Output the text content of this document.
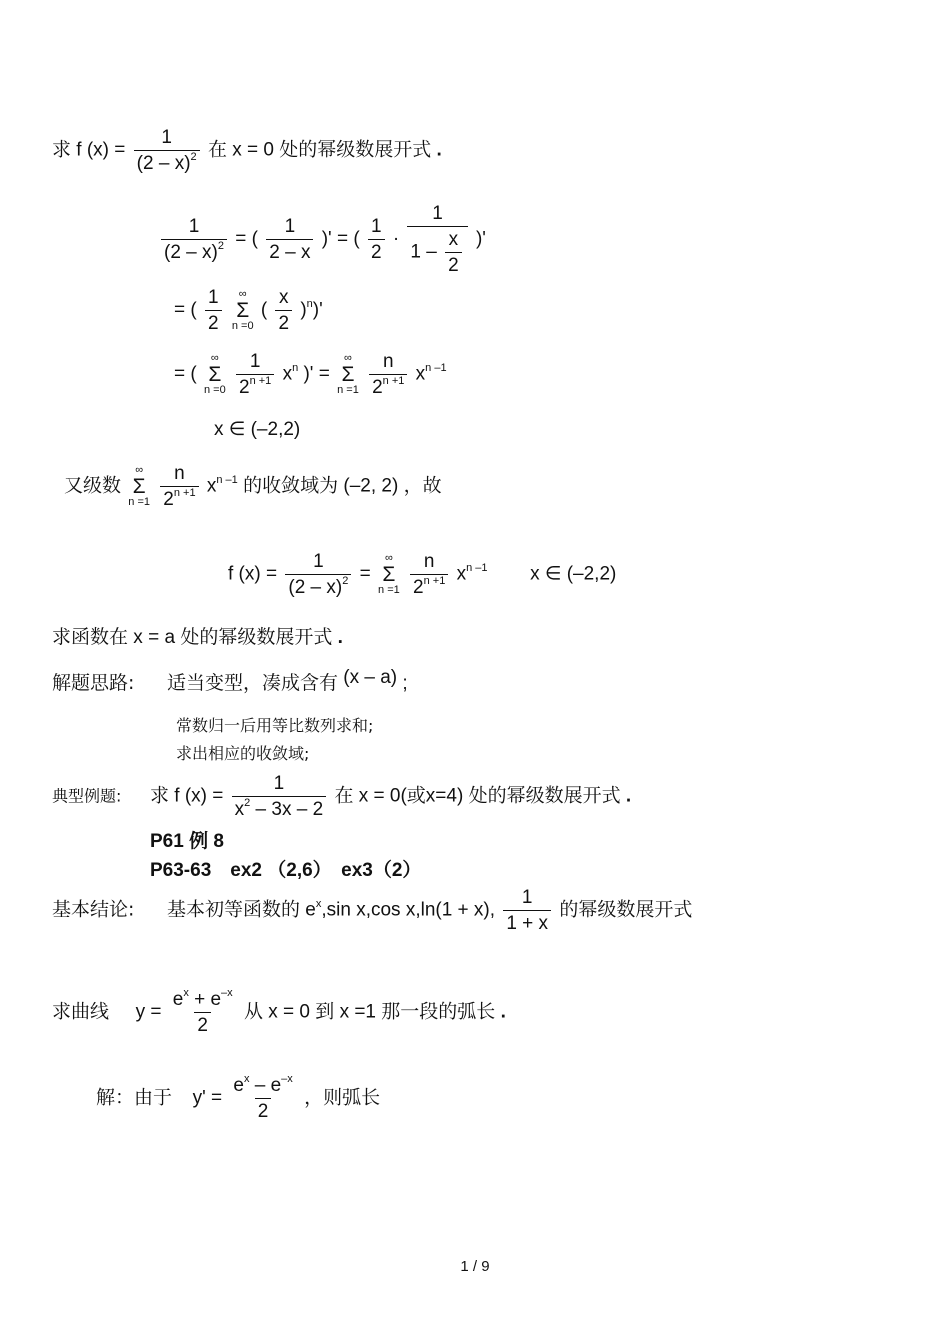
求 f $(x) = \frac{1}{(2 - x)^2}$ 在 x = 0 处的幂级数展开式 .
$\frac{1}{(2 - x)^2}$ = ( $\frac{1}{2 - x}$ )' = ( $\frac{1}{2} \cdot \frac{1}{1 - \frac{x}{2}}$ )'
= ( $\frac{1}{2}$
∞
Σ
n =0
( $\frac{x}{2} )^n)'$
= (
∞
Σ
n =0
$\frac{1}{2^{n +1}} x^n$ )' =
∞
Σ
n =1
$\frac{n}{2^{n +1}} x^{n -1}$
x ∈ (–2,2)
又级数
∞
Σ
n =1
$\frac{n}{2^{n +1}} x^{n -1}$ 的收敛域为 (–2, 2) ，故
f $(x) = \frac{1}{(2 - x)^2}$ =
∞
Σ
n =1
$\frac{n}{2^{n +1}} x^{n -1}$ x ∈ (–2,2)
求函数在 x = a 处的幂级数展开式 .
解题思路: 适当变型，凑成含有 (x – a) ;
常数归一后用等比数列求和;
求出相应的收敛域;
典型例题: 求 f $(x) = \frac{1}{x^2 - 3x - 2}$ 在 x = 0(或x=4) 处的幂级数展开式 .
P61 例 8
P63-63　ex2 （2,6）　ex3（2）
基本结论: 基本初等函数的 $e^x,\sin$ x,cos x,ln(1 + x), $\frac{1}{1 + x}$ 的幂级数展开式
求曲线 $y = \frac{e^x + e^{-x}}{2}$ 从 x = 0 到 x =1 那一段的弧长 .
解：由于 $y' = \frac{e^x - e^{-x}}{2}$ ，则弧长
1 / 9
